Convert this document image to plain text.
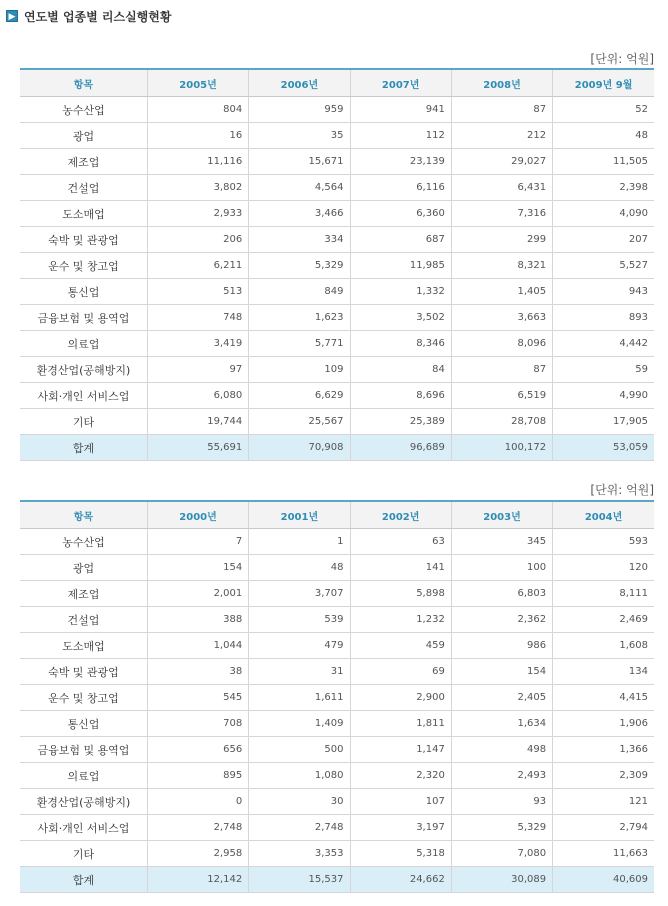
▶ 연도별 업종별 리스실행현황
[단위: 억원]
항목	2005년	2006년	2007년	2008년	2009년 9월
농수산업	804	959	941	87	52
광업	16	35	112	212	48
제조업	11,116	15,671	23,139	29,027	11,505
건설업	3,802	4,564	6,116	6,431	2,398
도소매업	2,933	3,466	6,360	7,316	4,090
숙박 및 관광업	206	334	687	299	207
운수 및 창고업	6,211	5,329	11,985	8,321	5,527
통신업	513	849	1,332	1,405	943
금융보험 및 용역업	748	1,623	3,502	3,663	893
의료업	3,419	5,771	8,346	8,096	4,442
환경산업(공해방지)	97	109	84	87	59
사회·개인 서비스업	6,080	6,629	8,696	6,519	4,990
기타	19,744	25,567	25,389	28,708	17,905
합계	55,691	70,908	96,689	100,172	53,059
[단위: 억원]
항목	2000년	2001년	2002년	2003년	2004년
농수산업	7	1	63	345	593
광업	154	48	141	100	120
제조업	2,001	3,707	5,898	6,803	8,111
건설업	388	539	1,232	2,362	2,469
도소매업	1,044	479	459	986	1,608
숙박 및 관광업	38	31	69	154	134
운수 및 창고업	545	1,611	2,900	2,405	4,415
통신업	708	1,409	1,811	1,634	1,906
금융보험 및 용역업	656	500	1,147	498	1,366
의료업	895	1,080	2,320	2,493	2,309
환경산업(공해방지)	0	30	107	93	121
사회·개인 서비스업	2,748	2,748	3,197	5,329	2,794
기타	2,958	3,353	5,318	7,080	11,663
합계	12,142	15,537	24,662	30,089	40,609
